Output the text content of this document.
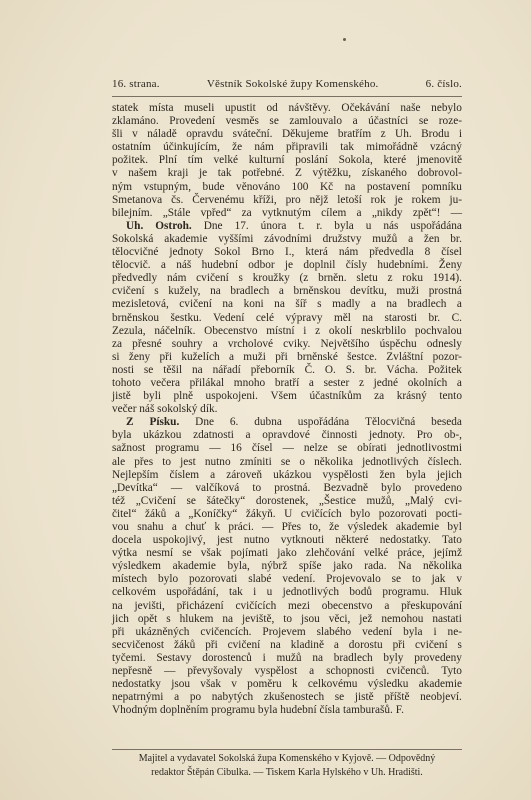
16. strana.	Věstník Sokolské župy Komenského.	6. číslo.
statek místa museli upustit od návštěvy. Očekávání naše nebylo
zklamáno. Provedení vesměs se zamlouvalo a účastníci se roze-
šli v náladě opravdu sváteční. Děkujeme bratřím z Uh. Brodu i
ostatním účinkujícím, že nám připravili tak mimořádně vzácný
požitek. Plní tím velké kulturní poslání Sokola, které jmenovitě
v našem kraji je tak potřebné. Z výtěžku, získaného dobrovol-
ným vstupným, bude věnováno 100 Kč na postavení pomníku
Smetanova čs. Červenému kříži, pro nějž letoší rok je rokem ju-
bilejním. „Stále vpřed“ za vytknutým cílem a „nikdy zpět“! —
Uh. Ostroh. Dne 17. února t. r. byla u nás uspořádána
Sokolská akademie vyššími závodními družstvy mužů a žen br.
tělocvičné jednoty Sokol Brno I., která nám předvedla 8 čísel
tělocvič. a náš hudební odbor je doplnil čísly hudebními. Ženy
předvedly nám cvičení s kroužky (z brněn. sletu z roku 1914).
cvičení s kužely, na bradlech a brněnskou devítku, muži prostná
mezisletová, cvičení na koni na šíř s madly a na bradlech a
brněnskou šestku. Vedení celé výpravy měl na starosti br. C.
Zezula, náčelník. Obecenstvo místní i z okolí neskrblilo pochvalou
za přesné souhry a vrcholové cviky. Největšího úspěchu odnesly
si ženy při kuželích a muži při brněnské šestce. Zvláštní pozor-
nosti se těšil na nářadí přeborník Č. O. S. br. Vácha. Požitek
tohoto večera přilákal mnoho bratří a sester z jedné okolních a
jistě byli plně uspokojeni. Všem účastníkům za krásný tento
večer náš sokolský dík.
Z Písku. Dne 6. dubna uspořádána Tělocvičná beseda
byla ukázkou zdatnosti a opravdové činnosti jednoty. Pro ob-,
sažnost programu — 16 čísel — nelze se obírati jednotlivostmi
ale přes to jest nutno zmíniti se o několika jednotlivých číslech.
Nejlepším číslem a zároveň ukázkou vyspělosti žen byla jejich
„Devítka“ — valčíková to prostná. Bezvadně bylo provedeno
též „Cvičení se šátečky“ dorostenek, „Šestice mužů, „Malý cvi-
čitel“ žáků a „Koníčky“ žákyň. U cvičících bylo pozorovati pocti-
vou snahu a chuť k práci. — Přes to, že výsledek akademie byl
docela uspokojivý, jest nutno vytknouti některé nedostatky. Tato
výtka nesmí se však pojímati jako zlehčování velké práce, jejímž
výsledkem akademie byla, nýbrž spíše jako rada. Na několika
místech bylo pozorovati slabé vedení. Projevovalo se to jak v
celkovém uspořádání, tak i u jednotlivých bodů programu. Hluk
na jevišti, přicházení cvičících mezi obecenstvo a přeskupování
jich opět s hlukem na jeviště, to jsou věci, jež nemohou nastati
při ukázněných cvičencích. Projevem slabého vedení byla i ne-
secvičenost žáků při cvičení na kladině a dorostu při cvičení s
tyčemi. Sestavy dorostenců i mužů na bradlech byly provedeny
nepřesně — převyšovaly vyspělost a schopnosti cvičenců. Tyto
nedostatky jsou však v poměru k celkovému výsledku akademie
nepatrnými a po nabytých zkušenostech se jistě příště neobjeví.
Vhodným doplněním programu byla hudební čísla tamburašů. F.
Majitel a vydavatel Sokolská župa Komenského v Kyjově. — Odpovědný
redaktor Štěpán Cibulka. — Tiskem Karla Hylského v Uh. Hradišti.
